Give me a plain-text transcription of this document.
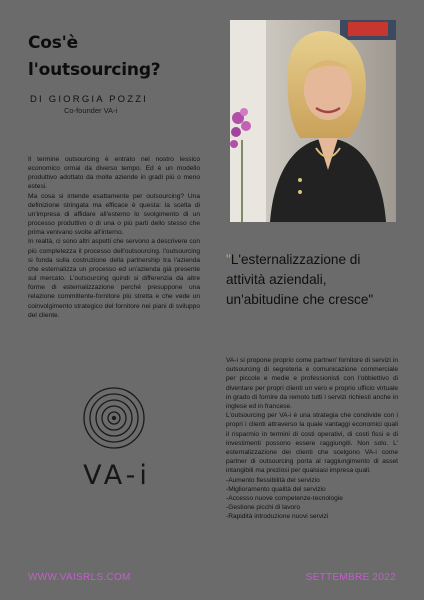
Cos'è
l'outsourcing?
DI GIORGIA POZZI
Co-founder VA-i

Il termine outsourcing è entrato nel nostro lessico economico ormai da diverso tempo. Ed è un modello produttivo adottato da molte aziende in gradi più o meno estesi.

Ma cosa si intende esattamente per outsourcing? Una definizione stringata ma efficace è questa: la scelta di un'impresa di affidare all'esterno lo svolgimento di un processo produttivo o di una o più parti dello stesso che prima venivano svolte all'interno.

In realtà, ci sono altri aspetti che servono a descrivere con più completezza il processo dell'outsourcing. l'outsourcing si fonda sulla costruzione della partnership tra l'azienda che esternalizza un processo ed un'azienda già presente sul mercato. L'outsourcing quindi si differenzia da altre forme di esternalizzazione perché presuppone una relazione committente-fornitore più stretta e che vede un coinvolgimento strategico del fornitore nei piani di sviluppo del cliente.

"L'esternalizzazione di attività aziendali, un'abitudine che cresce"

VA-i si propone proprio come partner/ fornitore di servizi in outsourcing di segreteria e comunicazione commerciale per piccole e medie e professionisti con l'obbiettivo di diventare per propri clienti un vero e proprio ufficio virtuale in grado di fornire da remoto tutti i servizi richiesti anche in inglese ed in francese.

L'outsourcing per VA-i è una strategia che condivide con i propri i clienti attraverso la quale vantaggi economici quali il risparmio in termini di costi operativi, di costi fissi e di investimenti possono essere raggiungiti. Non solo. L' esternalizzazione dei clienti che scelgono VA-i come partner di outsourcing porta al raggiungimento di asset intangibili ma preziosi per qualsiasi impresa quali.

-Aumento flessibilità del servizio
-Miglioramento qualità del servizio
-Accesso nuove competenze-tecnologie
-Gestione picchi di lavoro
-Rapidità introduzione nuovi servizi
VA-i
WWW.VAISRLS.COM	SETTEMBRE 2022
